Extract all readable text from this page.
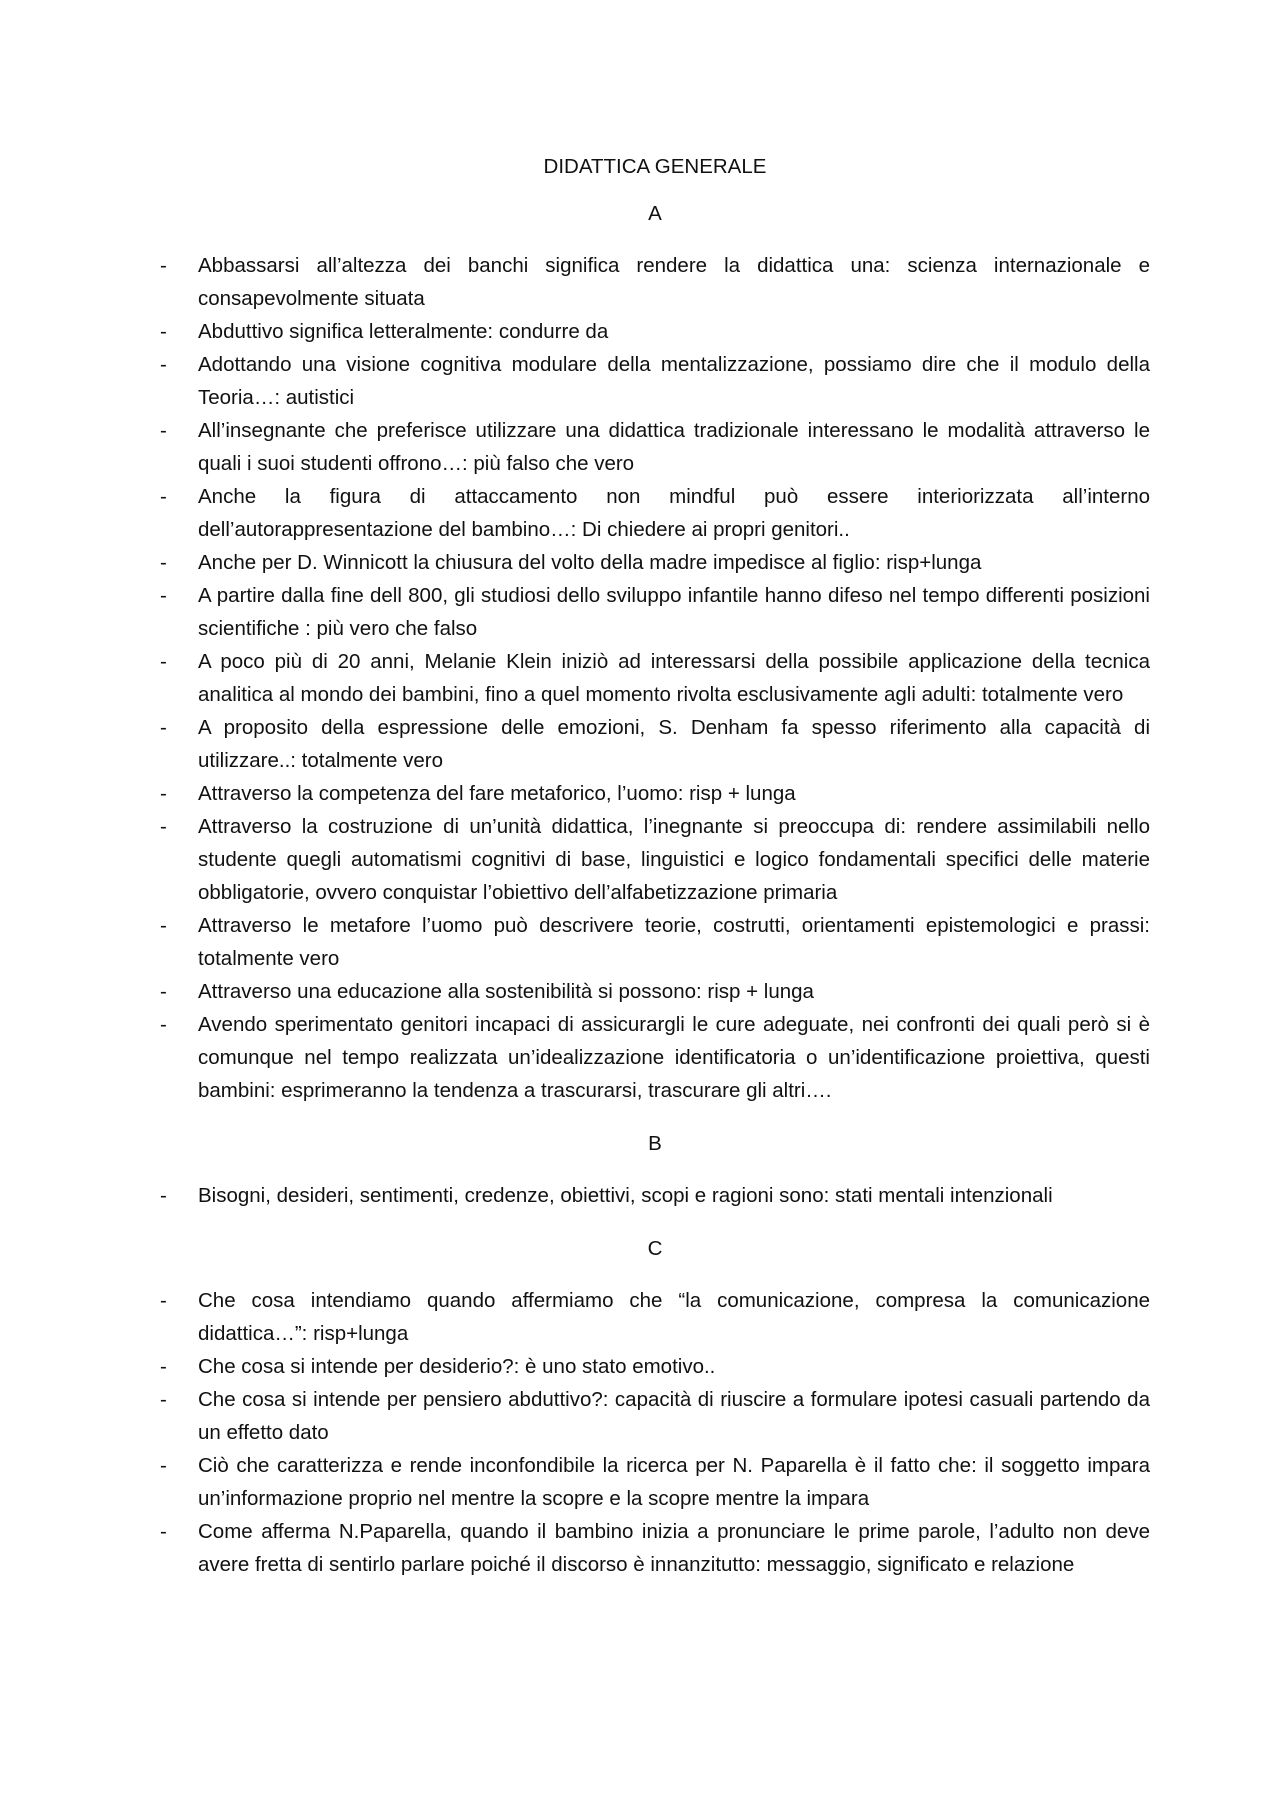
DIDATTICA GENERALE
A
- Abbassarsi all’altezza dei banchi significa rendere la didattica una: scienza internazionale e consapevolmente situata
- Abduttivo significa letteralmente: condurre da
- Adottando una visione cognitiva modulare della mentalizzazione, possiamo dire che il modulo della Teoria…: autistici
- All’insegnante che preferisce utilizzare una didattica tradizionale interessano le modalità attraverso le quali i suoi studenti offrono…: più falso che vero
- Anche la figura di attaccamento non mindful può essere interiorizzata all’interno dell’autorappresentazione del bambino…: Di chiedere ai propri genitori..
- Anche per D. Winnicott la chiusura del volto della madre impedisce al figlio: risp+lunga
- A partire dalla fine dell 800, gli studiosi dello sviluppo infantile hanno difeso nel tempo differenti posizioni scientifiche : più vero che falso
- A poco più di 20 anni, Melanie Klein iniziò ad interessarsi della possibile applicazione della tecnica analitica al mondo dei bambini, fino a quel momento rivolta esclusivamente agli adulti: totalmente vero
- A proposito della espressione delle emozioni, S. Denham fa spesso riferimento alla capacità di utilizzare..: totalmente vero
- Attraverso la competenza del fare metaforico, l’uomo: risp + lunga
- Attraverso la costruzione di un’unità didattica, l’inegnante si preoccupa di: rendere assimilabili nello studente quegli automatismi cognitivi di base, linguistici e logico fondamentali specifici delle materie obbligatorie, ovvero conquistar l’obiettivo dell’alfabetizzazione primaria
- Attraverso le metafore l’uomo può descrivere teorie, costrutti, orientamenti epistemologici e prassi: totalmente vero
- Attraverso una educazione alla sostenibilità si possono: risp + lunga
- Avendo sperimentato genitori incapaci di assicurargli le cure adeguate, nei confronti dei quali però si è comunque nel tempo realizzata un’idealizzazione identificatoria o un’identificazione proiettiva, questi bambini: esprimeranno la tendenza a trascurarsi, trascurare gli altri….
B
- Bisogni, desideri, sentimenti, credenze, obiettivi, scopi e ragioni sono: stati mentali intenzionali
C
- Che cosa intendiamo quando affermiamo che “la comunicazione, compresa la comunicazione didattica…”: risp+lunga
- Che cosa si intende per desiderio?: è uno stato emotivo..
- Che cosa si intende per pensiero abduttivo?: capacità di riuscire a formulare ipotesi casuali partendo da un effetto dato
- Ciò che caratterizza e rende inconfondibile la ricerca per N. Paparella è il fatto che: il soggetto impara un’informazione proprio nel mentre la scopre e la scopre mentre la impara
- Come afferma N.Paparella, quando il bambino inizia a pronunciare le prime parole, l’adulto non deve avere fretta di sentirlo parlare poiché il discorso è innanzitutto: messaggio, significato e relazione
